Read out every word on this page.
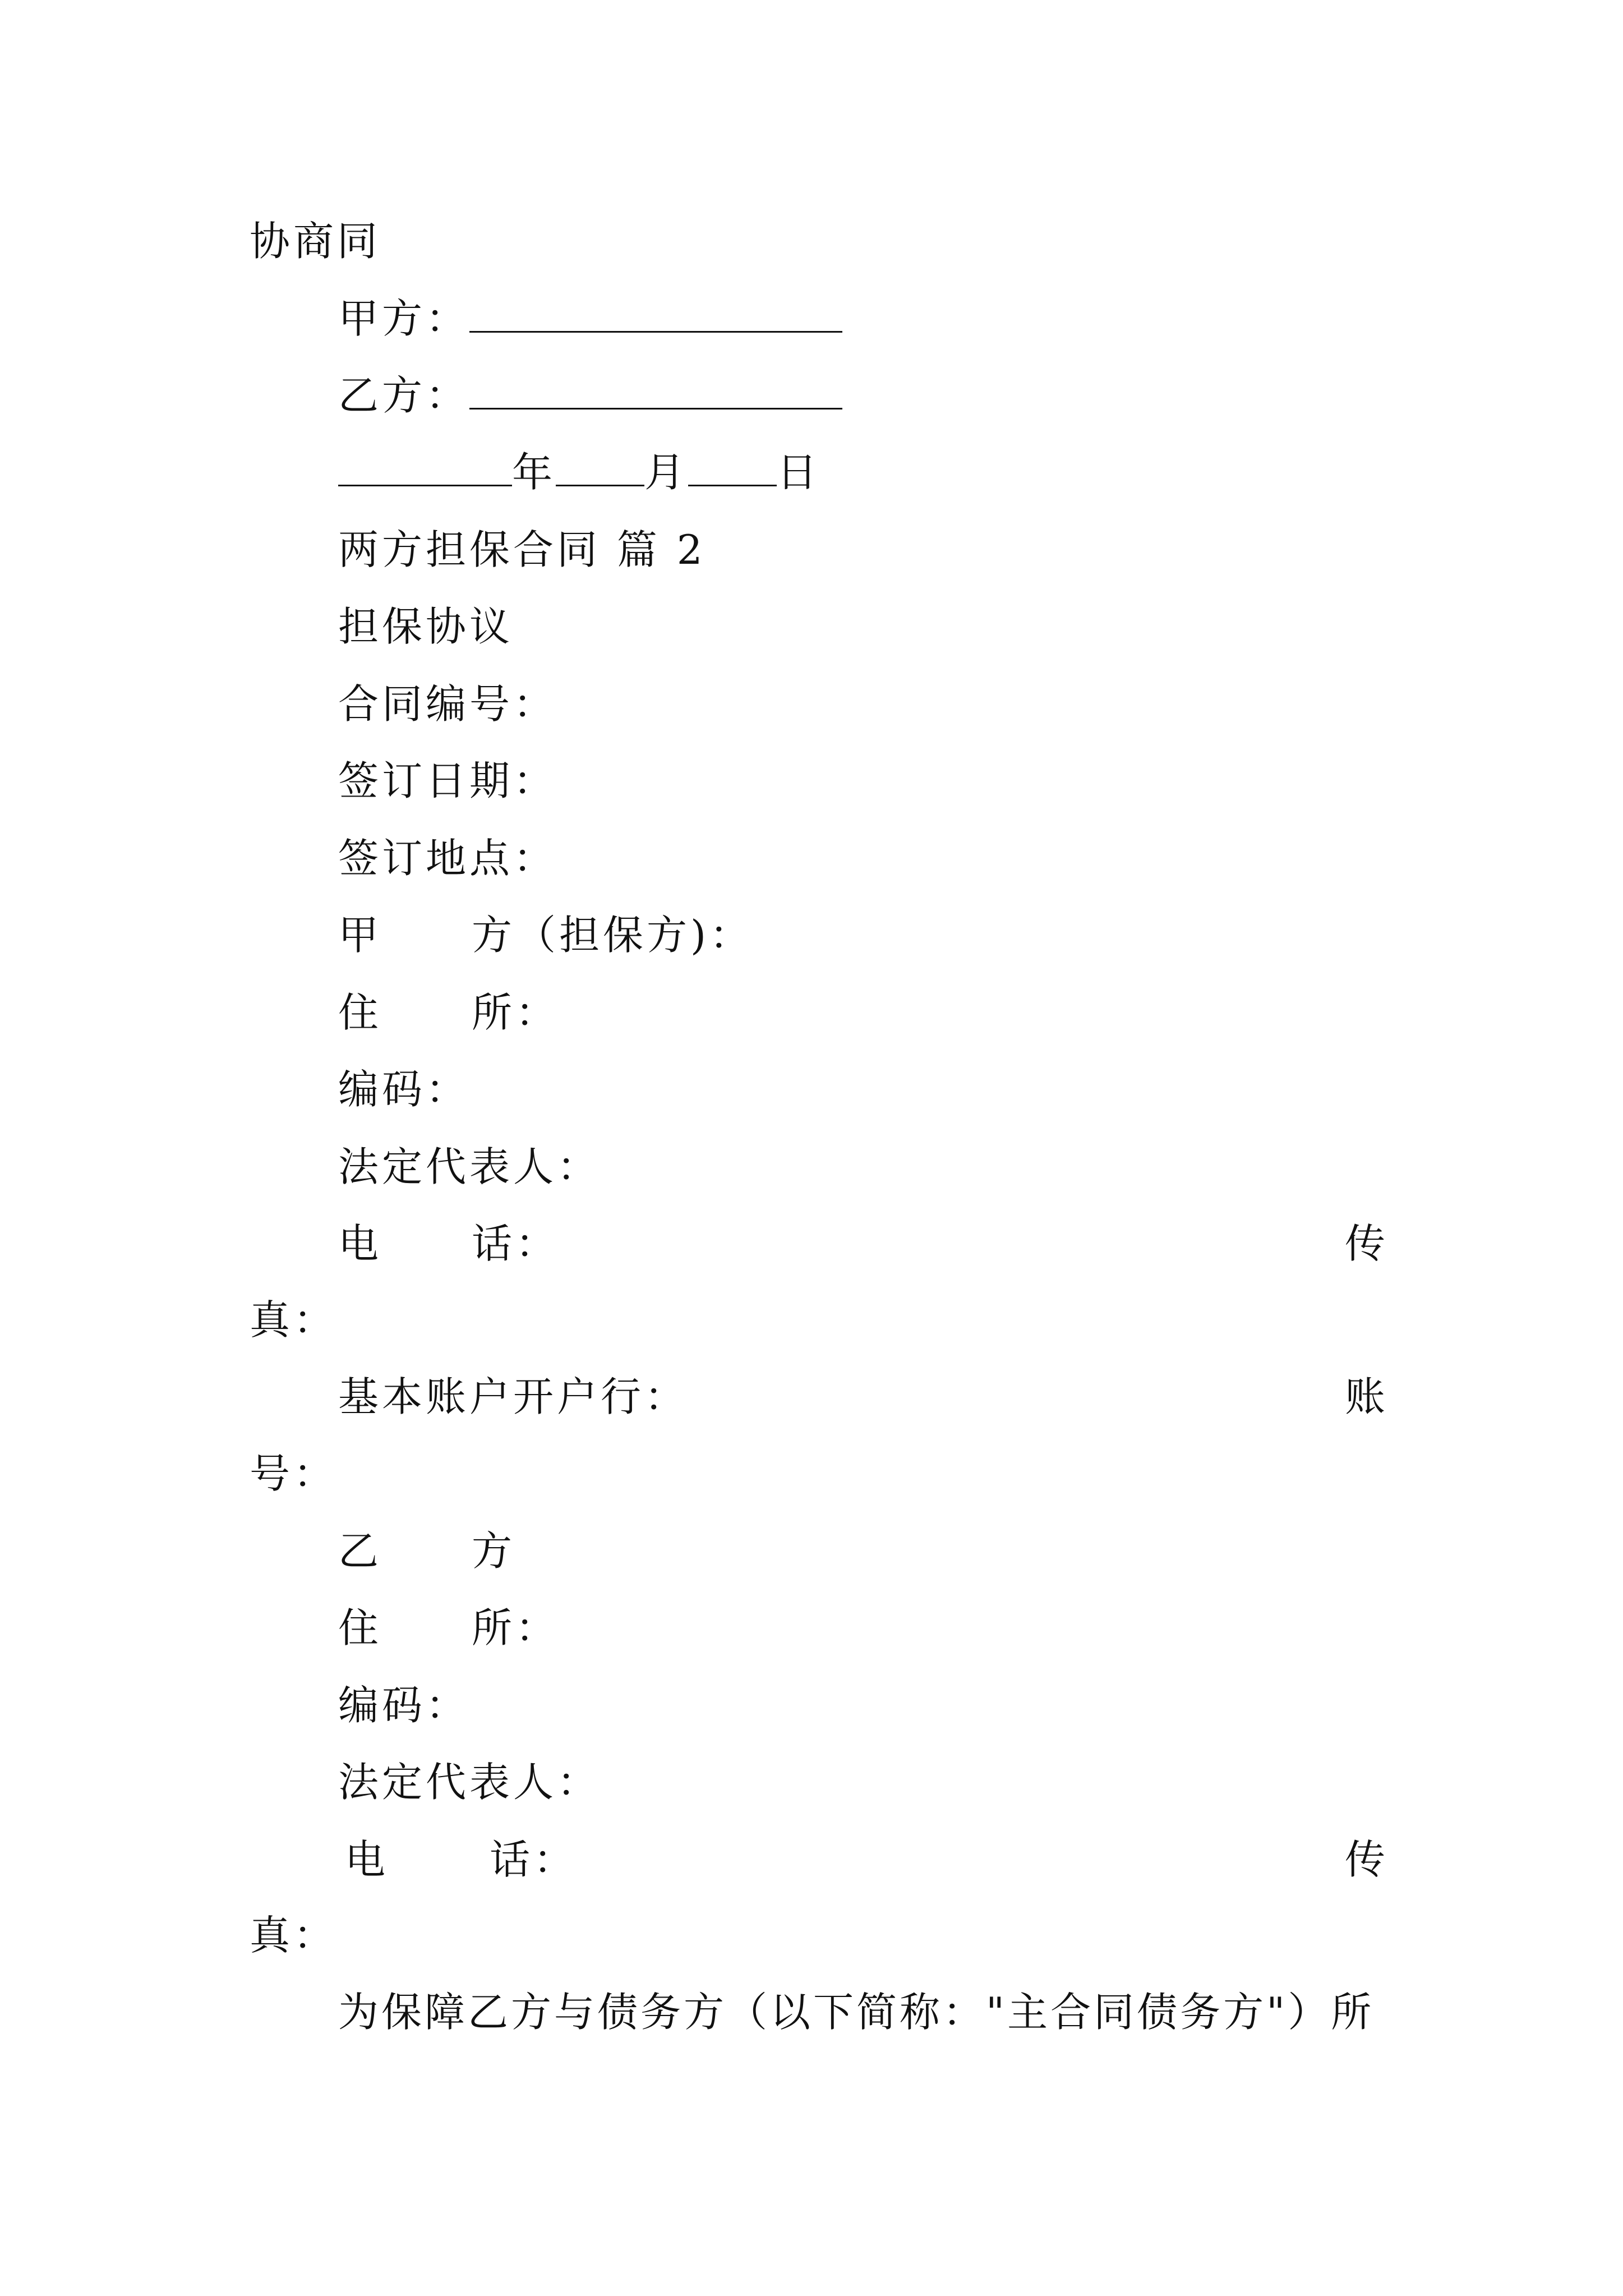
协商同
甲方：
乙方：
年 月 日
两方担保合同 篇 2
担保协议
合同编号：
签订日期：
签订地点：
甲 方（担保方)：
住 所：
编码：
法定代表人：
电 话：	传
真：
基本账户开户行：	账
号：
乙 方
住 所：
编码：
法定代表人：
电	话：	传
真：
为保障乙方与债务方（以下简称："主合同债务方"）所
